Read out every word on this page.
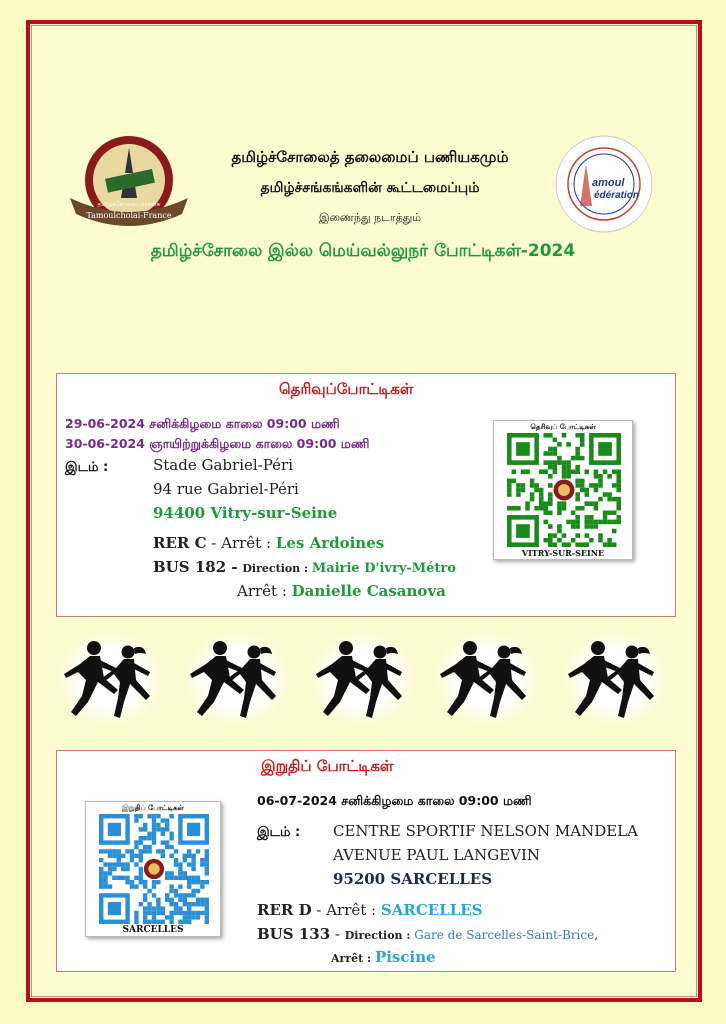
Tamoulcholai-France
தமிழ்ச்சோலை-பிரான்சு
amoul
édération
தமிழ்ச்சோலைத் தலைமைப் பணியகமும்
தமிழ்ச்சங்கங்களின் கூட்டமைப்பும்
இணைந்து நடாத்தும்
தமிழ்ச்சோலை இல்ல மெய்வல்லுநர் போட்டிகள்-2024
தெரிவுப்போட்டிகள்
29-06-2024 சனிக்கிழமை காலை 09:00 மணி
30-06-2024 ஞாயிற்றுக்கிழமை காலை 09:00 மணி
இடம் :	Stade Gabriel-Péri
94 rue Gabriel-Péri
94400 Vitry-sur-Seine
RER C - Arrêt : Les Ardoines
BUS 182 - Direction : Mairie D'ivry-Métro
Arrêt : Danielle Casanova
தெரிவுப் போட்டிகள்
VITRY-SUR-SEINE
இறுதிப் போட்டிகள்
இறுதிப் போட்டிகள்
SARCELLES
06-07-2024 சனிக்கிழமை காலை 09:00 மணி
இடம் : CENTRE SPORTIF NELSON MANDELA
AVENUE PAUL LANGEVIN
95200 SARCELLES
RER D - Arrêt : SARCELLES
BUS 133 - Direction : Gare de Sarcelles-Saint-Brice,
Arrêt : Piscine
